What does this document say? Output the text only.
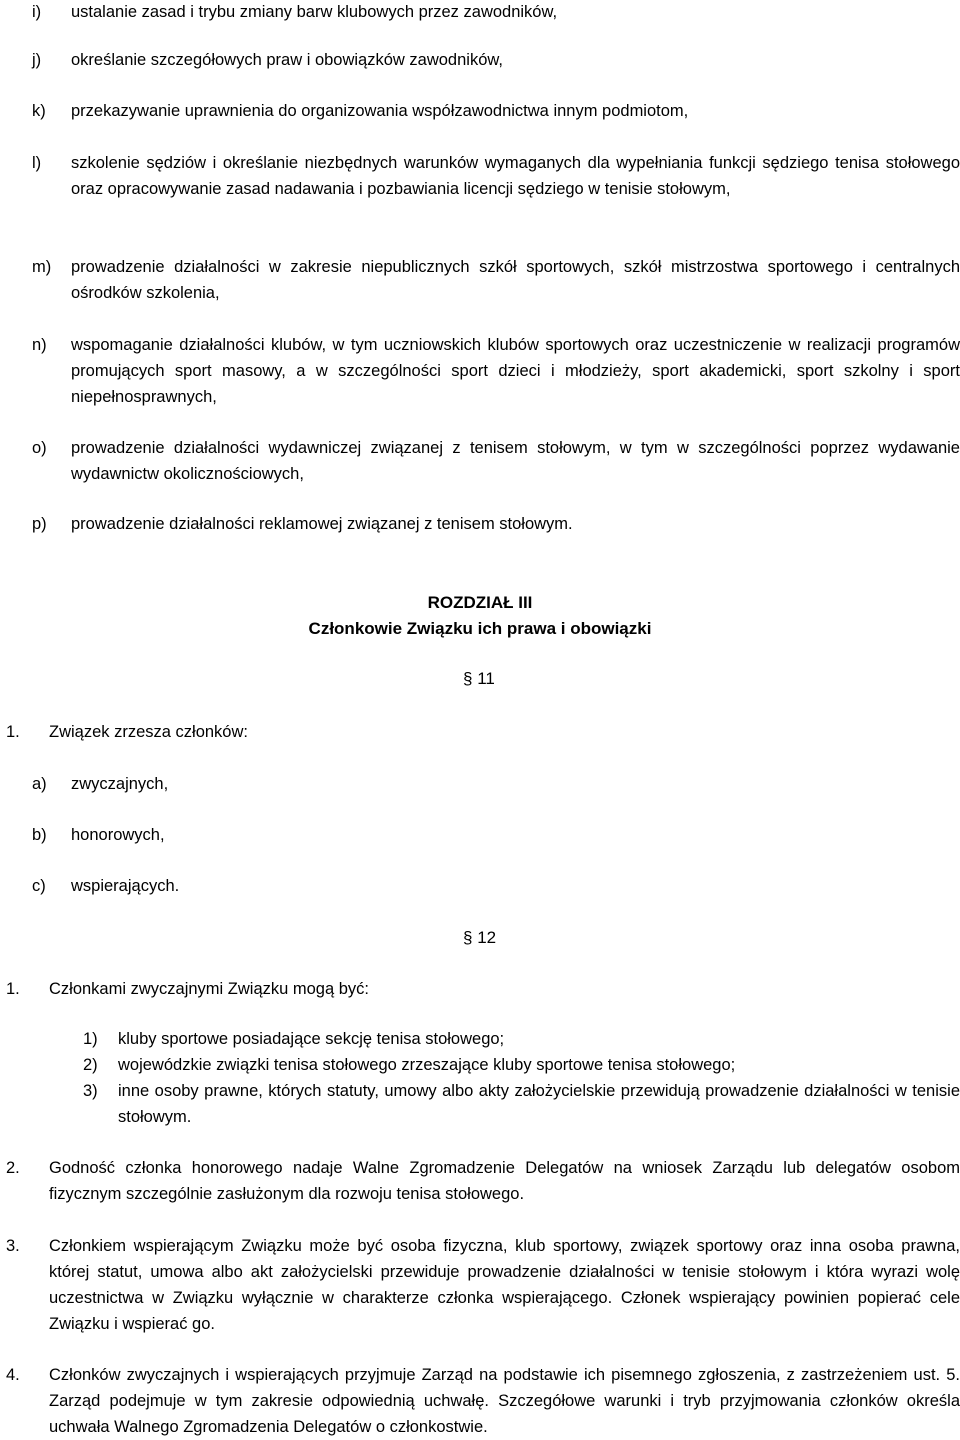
i) ustalanie zasad i trybu zmiany barw klubowych przez zawodników,
j) określanie szczegółowych praw i obowiązków zawodników,
k) przekazywanie uprawnienia do organizowania współzawodnictwa innym podmiotom,
l) szkolenie sędziów i określanie niezbędnych warunków wymaganych dla wypełniania funkcji sędziego tenisa stołowego oraz opracowywanie zasad nadawania i pozbawiania licencji sędziego w tenisie stołowym,
m) prowadzenie działalności w zakresie niepublicznych szkół sportowych, szkół mistrzostwa sportowego i centralnych ośrodków szkolenia,
n) wspomaganie działalności klubów, w tym uczniowskich klubów sportowych oraz uczestniczenie w realizacji programów promujących sport masowy, a w szczególności sport dzieci i młodzieży, sport akademicki, sport szkolny i sport niepełnosprawnych,
o) prowadzenie działalności wydawniczej związanej z tenisem stołowym, w tym w szczególności poprzez wydawanie wydawnictw okolicznościowych,
p) prowadzenie działalności reklamowej związanej z tenisem stołowym.
ROZDZIAŁ III
Członkowie Związku ich prawa i obowiązki
§ 11
1. Związek zrzesza członków:
a) zwyczajnych,
b) honorowych,
c) wspierających.
§ 12
1. Członkami zwyczajnymi Związku mogą być:
1) kluby sportowe posiadające sekcję tenisa stołowego;
2) wojewódzkie związki tenisa stołowego zrzeszające kluby sportowe tenisa stołowego;
3) inne osoby prawne, których statuty, umowy albo akty założycielskie przewidują prowadzenie działalności w tenisie stołowym.
2. Godność członka honorowego nadaje Walne Zgromadzenie Delegatów na wniosek Zarządu lub delegatów osobom fizycznym szczególnie zasłużonym dla rozwoju tenisa stołowego.
3. Członkiem wspierającym Związku może być osoba fizyczna, klub sportowy, związek sportowy oraz inna osoba prawna, której statut, umowa albo akt założycielski przewiduje prowadzenie działalności w tenisie stołowym i która wyrazi wolę uczestnictwa w Związku wyłącznie w charakterze członka wspierającego. Członek wspierający powinien popierać cele Związku i wspierać go.
4. Członków zwyczajnych i wspierających przyjmuje Zarząd na podstawie ich pisemnego zgłoszenia, z zastrzeżeniem ust. 5. Zarząd podejmuje w tym zakresie odpowiednią uchwałę. Szczegółowe warunki i tryb przyjmowania członków określa uchwała Walnego Zgromadzenia Delegatów o członkostwie.
